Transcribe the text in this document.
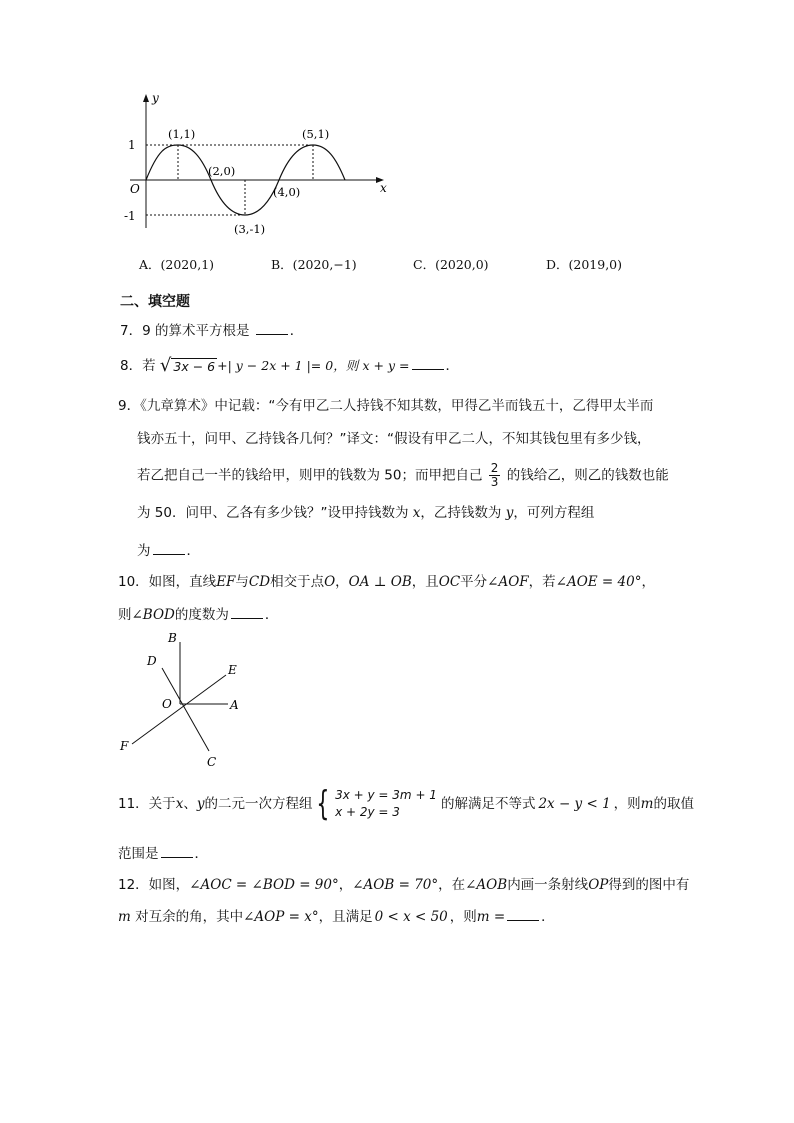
y
x
O
1
-1
(1,1)	(5,1)
(2,0)
(4,0)
(3,-1)
A．(2020,1)	B．(2020,−1)	C．(2020,0)	D．(2019,0)
二、填空题
7．9 的算术平方根是	．
8．若 √ 3x − 6 +| y − 2x + 1 |= 0，则 x + y =	．
9．《九章算术》中记载：“今有甲乙二人持钱不知其数，甲得乙半而钱五十，乙得甲太半而
钱亦五十，问甲、乙持钱各几何？”译文：“假设有甲乙二人，不知其钱包里有多少钱，
若乙把自己一半的钱给甲，则甲的钱数为 50；而甲把自己 $\frac{2}{3}$ 的钱给乙，则乙的钱数也能
为 50．问甲、乙各有多少钱？”设甲持钱数为 x，乙持钱数为 y，可列方程组
为	．
10．如图，直线EF与CD相交于点O，OA ⊥ OB，且OC平分∠AOF，若∠AOE = 40°，
则∠BOD的度数为	．
B
D
E
O	A
F
C
11．关于 x 、 y 的二元一次方程组 { 3x + y = 3m + 1
x + 2y = 3	的解满足不等式 2x − y < 1 ，则 m 的取值
范围是	．
12．如图，∠AOC = ∠BOD = 90°，∠AOB = 70°，在∠AOB内画一条射线OP得到的图中有
m 对互余的角，其中∠AOP = x°，且满足 0 < x < 50 ，则m =	．
